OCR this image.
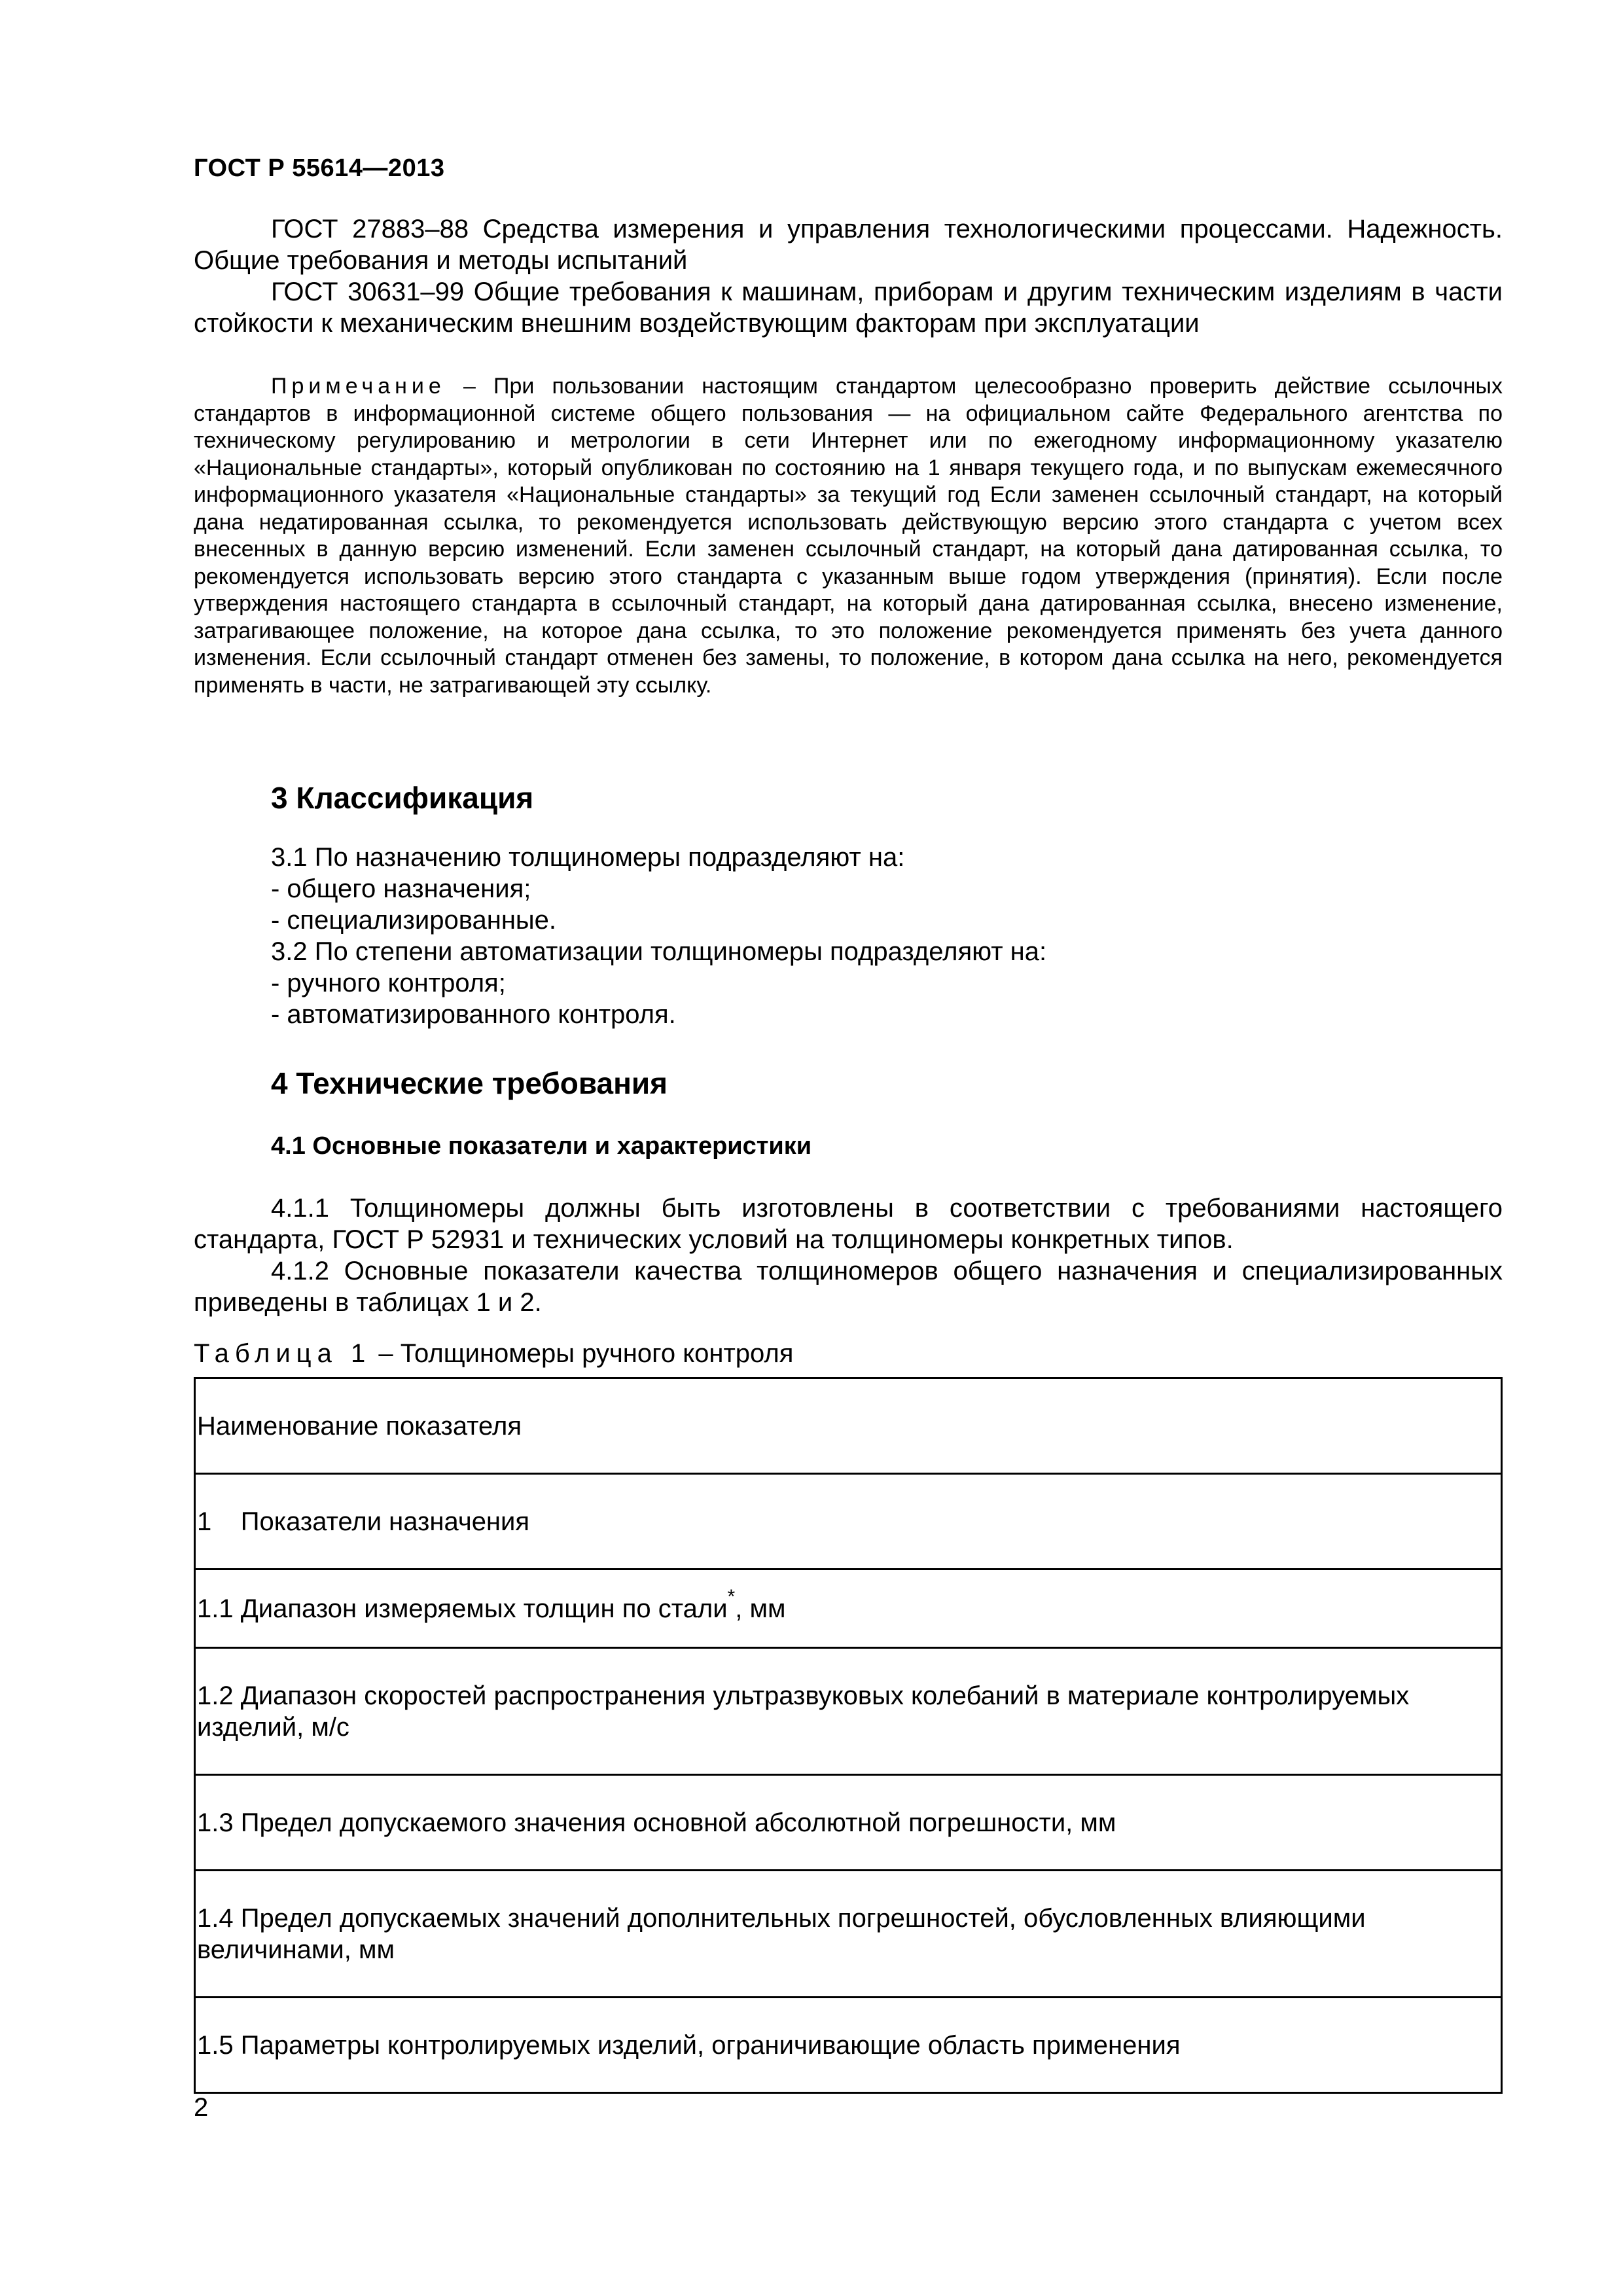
ГОСТ Р 55614—2013

ГОСТ 27883–88 Средства измерения и управления технологическими процессами. Надежность. Общие требования и методы испытаний

ГОСТ 30631–99 Общие требования к машинам, приборам и другим техническим изделиям в части стойкости к механическим внешним воздействующим факторам при эксплуатации

Примечание – При пользовании настоящим стандартом целесообразно проверить действие ссылочных стандартов в информационной системе общего пользования — на официальном сайте Федерального агентства по техническому регулированию и метрологии в сети Интернет или по ежегодному информационному указателю «Национальные стандарты», который опубликован по состоянию на 1 января текущего года, и по выпускам ежемесячного информационного указателя «Национальные стандарты» за текущий год Если заменен ссылочный стандарт, на который дана недатированная ссылка, то рекомендуется использовать действующую версию этого стандарта с учетом всех внесенных в данную версию изменений. Если заменен ссылочный стандарт, на который дана датированная ссылка, то рекомендуется использовать версию этого стандарта с указанным выше годом утверждения (принятия). Если после утверждения настоящего стандарта в ссылочный стандарт, на который дана датированная ссылка, внесено изменение, затрагивающее положение, на которое дана ссылка, то это положение рекомендуется применять без учета данного изменения. Если ссылочный стандарт отменен без замены, то положение, в котором дана ссылка на него, рекомендуется применять в части, не затрагивающей эту ссылку.

3 Классификация
3.1 По назначению толщиномеры подразделяют на:
- общего назначения;
- специализированные.
3.2 По степени автоматизации толщиномеры подразделяют на:
- ручного контроля;
- автоматизированного контроля.
4 Технические требования
4.1 Основные показатели и характеристики

4.1.1 Толщиномеры должны быть изготовлены в соответствии с требованиями настоящего стандарта, ГОСТ Р 52931 и технических условий на толщиномеры конкретных типов.

4.1.2 Основные показатели качества толщиномеров общего назначения и специализированных приведены в таблицах 1 и 2.

Таблица 1 – Толщиномеры ручного контроля
Наименование показателя
1    Показатели назначения
1.1 Диапазон измеряемых толщин по стали*, мм
1.2 Диапазон скоростей распространения ультразвуковых колебаний в материале контролируемых изделий, м/с
1.3 Предел допускаемого значения основной абсолютной погрешности, мм
1.4 Предел допускаемых значений дополнительных погрешностей, обусловленных влияющими величинами, мм
1.5 Параметры контролируемых изделий, ограничивающие область применения
2
